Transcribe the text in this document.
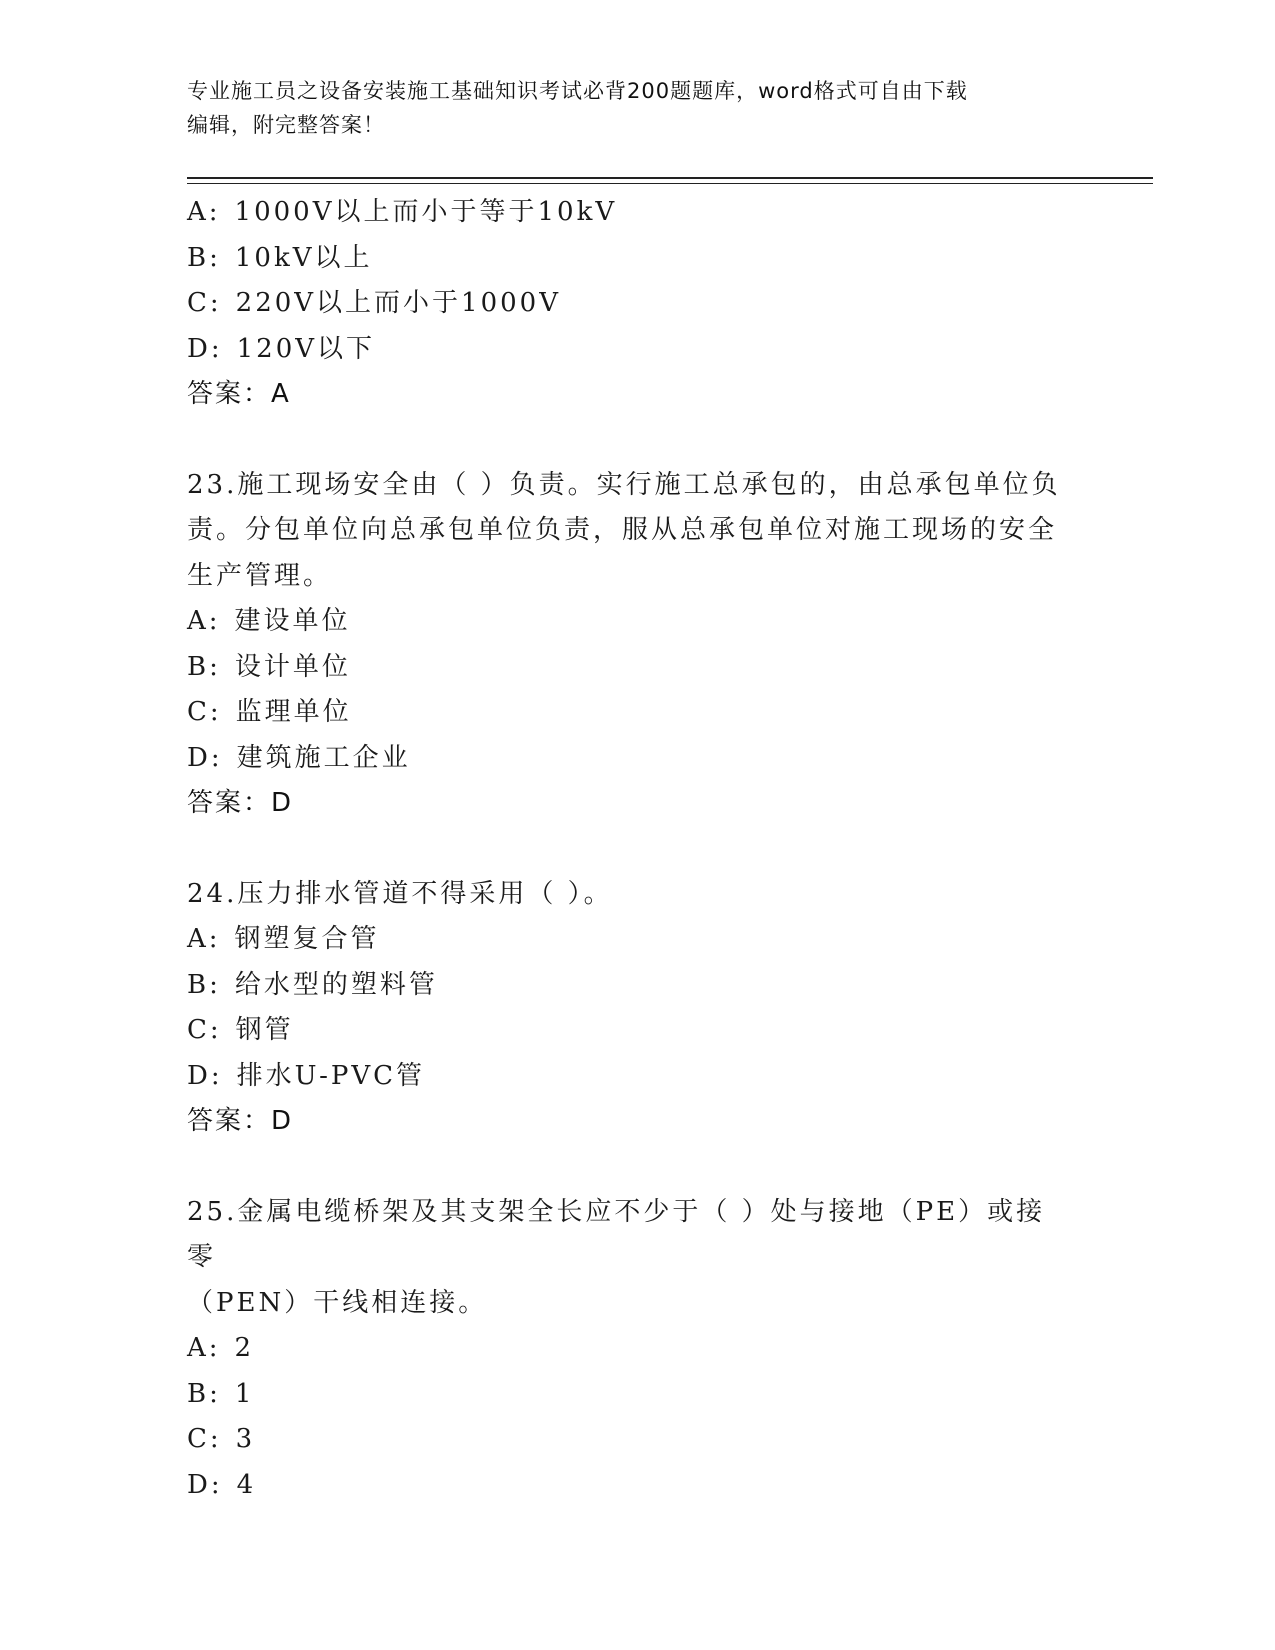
专业施工员之设备安装施工基础知识考试必背200题题库，word格式可自由下载
编辑，附完整答案！
A: 1000V以上而小于等于10kV
B: 10kV以上
C: 220V以上而小于1000V
D: 120V以下
答案：A
23.施工现场安全由（ ）负责。实行施工总承包的，由总承包单位负
责。分包单位向总承包单位负责，服从总承包单位对施工现场的安全
生产管理。
A: 建设单位
B: 设计单位
C: 监理单位
D: 建筑施工企业
答案：D
24.压力排水管道不得采用（ ）。
A: 钢塑复合管
B: 给水型的塑料管
C: 钢管
D: 排水U-PVC管
答案：D
25.金属电缆桥架及其支架全长应不少于（ ）处与接地（PE）或接零
（PEN）干线相连接。
A: 2
B: 1
C: 3
D: 4
